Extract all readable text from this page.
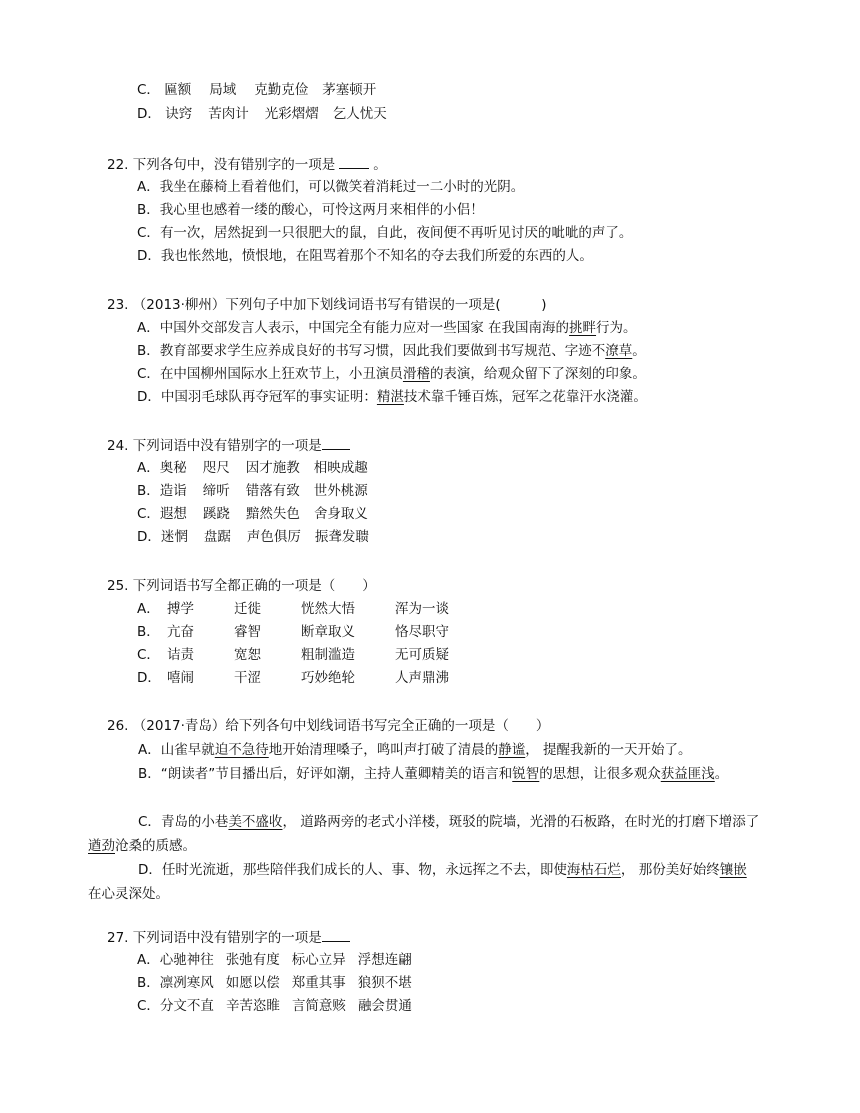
C． 匾额 局域 克勤克俭 茅塞顿开
D． 诀窍 苦肉计 光彩熠熠 乞人忧天
22. 下列各句中，没有错别字的一项是	。
A．我坐在藤椅上看着他们，可以微笑着消耗过一二小时的光阴。
B．我心里也感着一缕的酸心，可怜这两月来相伴的小侣！
C．有一次，居然捉到一只很肥大的鼠，自此，夜间便不再听见讨厌的呲呲的声了。
D．我也怅然地，愤恨地，在阻骂着那个不知名的夺去我们所爱的东西的人。
23. （2013·柳州）下列句子中加下划线词语书写有错误的一项是(　　　)
A．中国外交部发言人表示，中国完全有能力应对一些国家 在我国南海的挑畔行为。
B．教育部要求学生应养成良好的书写习惯，因此我们要做到书写规范、字迹不潦草。
C．在中国柳州国际水上狂欢节上，小丑演员滑稽的表演，给观众留下了深刻的印象。
D．中国羽毛球队再夺冠军的事实证明：精湛技术靠千锤百炼，冠军之花靠汗水浇灌。
24. 下列词语中没有错别字的一项是
A．奥秘 咫尺 因才施教 相映成趣
B．造诣 缔听 错落有致 世外桃源
C．遐想 蹊跷 黯然失色 舍身取义
D．迷惘 盘踞 声色俱厉 振聋发聩
25. 下列词语书写全都正确的一项是（　　）
A． 搏学	迁徙	恍然大悟	浑为一谈
B． 亢奋	睿智	断章取义	恪尽职守
C． 诘责	宽恕	粗制滥造	无可质疑
D． 嘻闹	干涩	巧妙绝轮	人声鼎沸
26. （2017·青岛）给下列各句中划线词语书写完全正确的一项是（　　）
A．山雀早就迫不急待地开始清理嗓子，鸣叫声打破了清晨的静谧， 提醒我新的一天开始了。
B．“朗读者”节目播出后，好评如潮，主持人董卿精美的语言和锐智的思想，让很多观众获益匪浅。
C．青岛的小巷美不盛收， 道路两旁的老式小洋楼，斑驳的院墙，光滑的石板路，在时光的打磨下增添了遒劲沧桑的质感。
D．任时光流逝，那些陪伴我们成长的人、事、物，永远挥之不去，即使海枯石烂， 那份美好始终镶嵌在心灵深处。
27. 下列词语中没有错别字的一项是
A．心驰神往 张弛有度 标心立异 浮想连翩
B．凛冽寒风 如愿以偿 郑重其事 狼狈不堪
C．分文不直 辛苦恣睢 言简意赅 融会贯通
